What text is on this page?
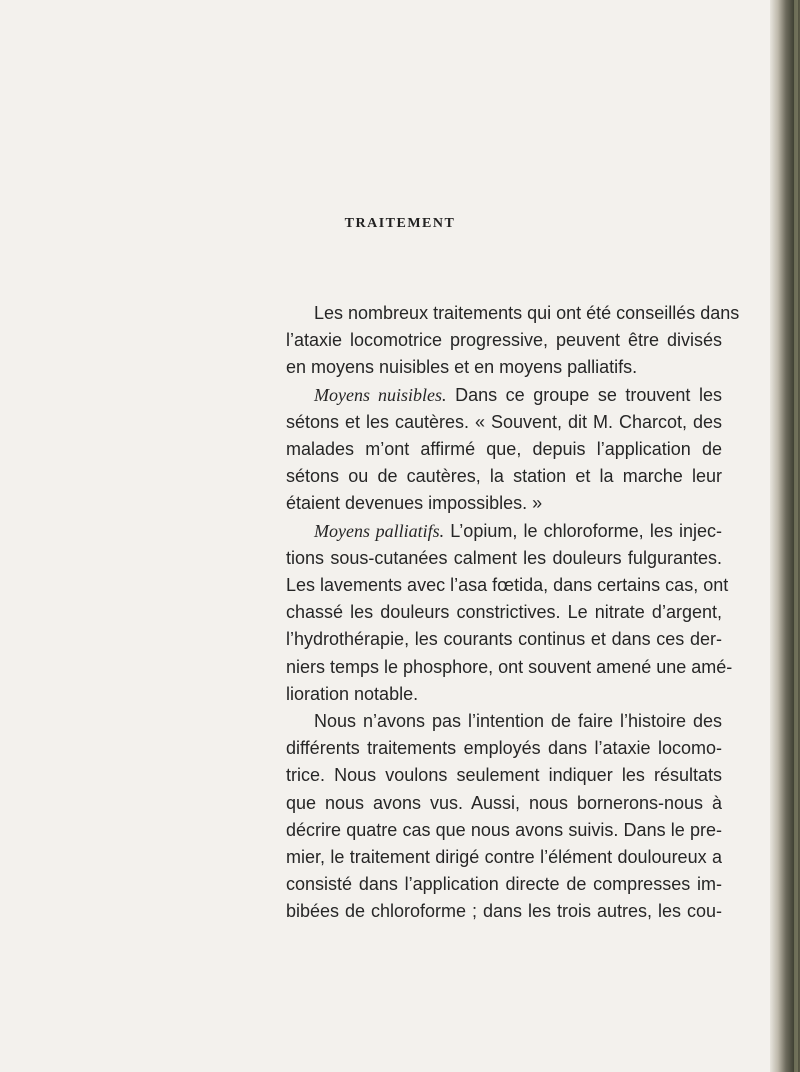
TRAITEMENT

Les nombreux traitements qui ont été conseillés dans
l’ataxie locomotrice progressive, peuvent être divisés
en moyens nuisibles et en moyens palliatifs.

Moyens nuisibles. Dans ce groupe se trouvent les
sétons et les cautères. « Souvent, dit M. Charcot, des
malades m’ont affirmé que, depuis l’application de
sétons ou de cautères, la station et la marche leur
étaient devenues impossibles. »

Moyens palliatifs. L’opium, le chloroforme, les injec-
tions sous-cutanées calment les douleurs fulgurantes.
Les lavements avec l’asa fœtida, dans certains cas, ont
chassé les douleurs constrictives. Le nitrate d’argent,
l’hydrothérapie, les courants continus et dans ces der-
niers temps le phosphore, ont souvent amené une amé-
lioration notable.

Nous n’avons pas l’intention de faire l’histoire des
différents traitements employés dans l’ataxie locomo-
trice. Nous voulons seulement indiquer les résultats
que nous avons vus. Aussi, nous bornerons-nous à
décrire quatre cas que nous avons suivis. Dans le pre-
mier, le traitement dirigé contre l’élément douloureux a
consisté dans l’application directe de compresses im-
bibées de chloroforme ; dans les trois autres, les cou-
